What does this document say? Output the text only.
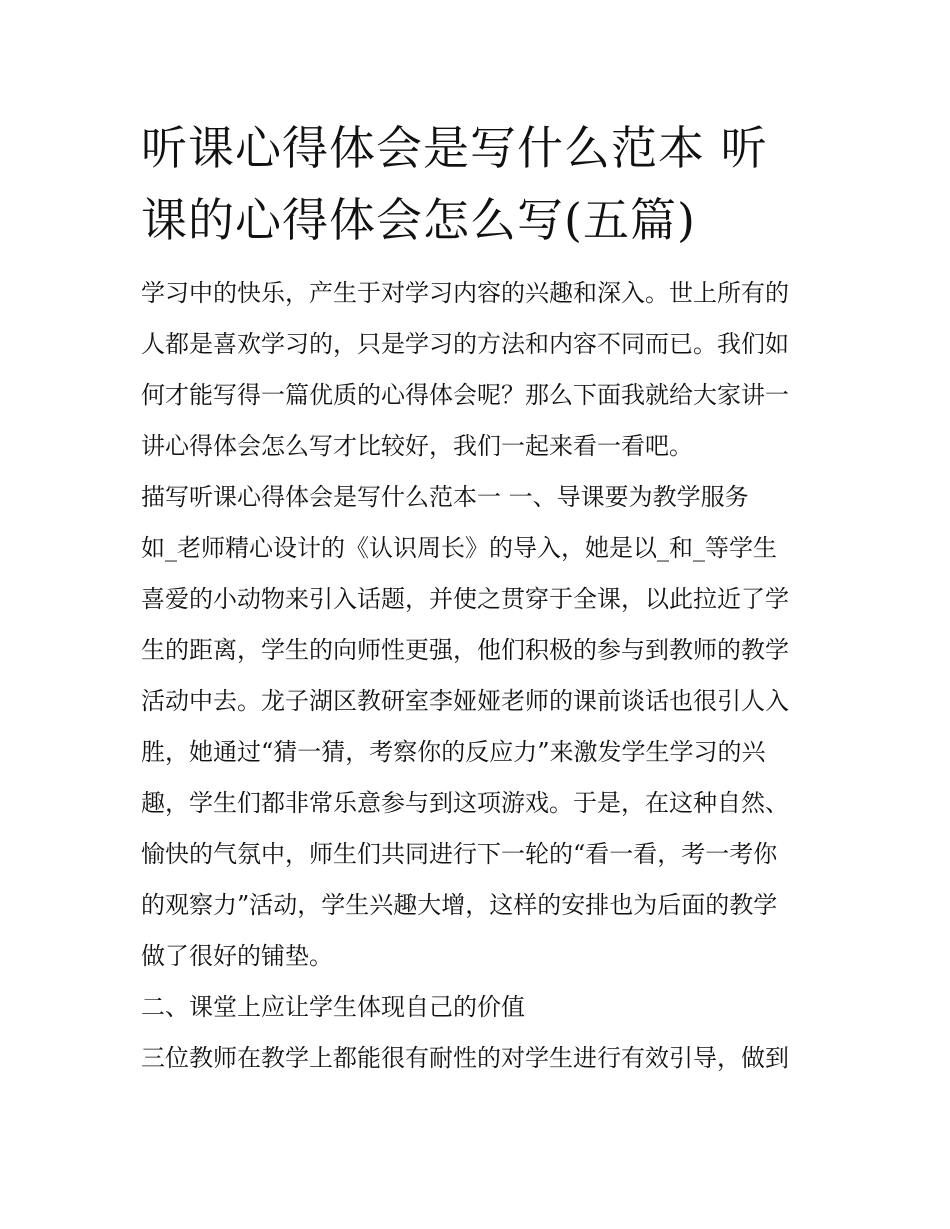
听课心得体会是写什么范本 听
课的心得体会怎么写(五篇)
学习中的快乐，产生于对学习内容的兴趣和深入。世上所有的
人都是喜欢学习的，只是学习的方法和内容不同而已。我们如
何才能写得一篇优质的心得体会呢？那么下面我就给大家讲一
讲心得体会怎么写才比较好，我们一起来看一看吧。
描写听课心得体会是写什么范本一 一、导课要为教学服务
如_老师精心设计的《认识周长》的导入，她是以_和_等学生
喜爱的小动物来引入话题，并使之贯穿于全课，以此拉近了学
生的距离，学生的向师性更强，他们积极的参与到教师的教学
活动中去。龙子湖区教研室李娅娅老师的课前谈话也很引人入
胜，她通过“猜一猜，考察你的反应力”来激发学生学习的兴
趣，学生们都非常乐意参与到这项游戏。于是，在这种自然、
愉快的气氛中，师生们共同进行下一轮的“看一看，考一考你
的观察力”活动，学生兴趣大增，这样的安排也为后面的教学
做了很好的铺垫。
二、课堂上应让学生体现自己的价值
三位教师在教学上都能很有耐性的对学生进行有效引导，做到
